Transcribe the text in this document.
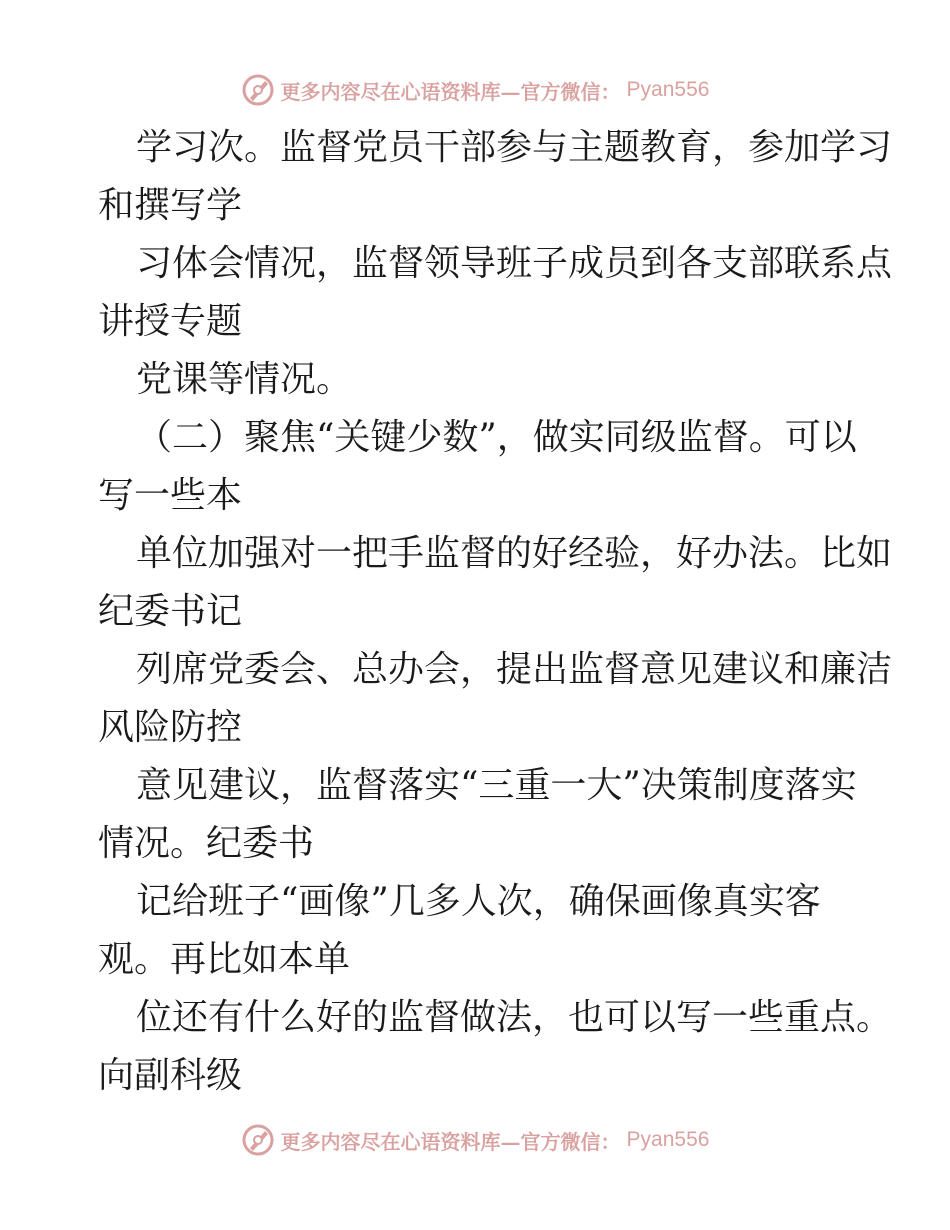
更多内容尽在心语资料库—官方微信： Pyan556
学习次。监督党员干部参与主题教育，参加学习
和撰写学
习体会情况，监督领导班子成员到各支部联系点
讲授专题
党课等情况。
（二）聚焦“关键少数”，做实同级监督。可以
写一些本
单位加强对一把手监督的好经验，好办法。比如
纪委书记
列席党委会、总办会，提出监督意见建议和廉洁
风险防控
意见建议，监督落实“三重一大”决策制度落实
情况。纪委书
记给班子“画像”几多人次，确保画像真实客
观。再比如本单
位还有什么好的监督做法，也可以写一些重点。
向副科级
更多内容尽在心语资料库—官方微信： Pyan556
